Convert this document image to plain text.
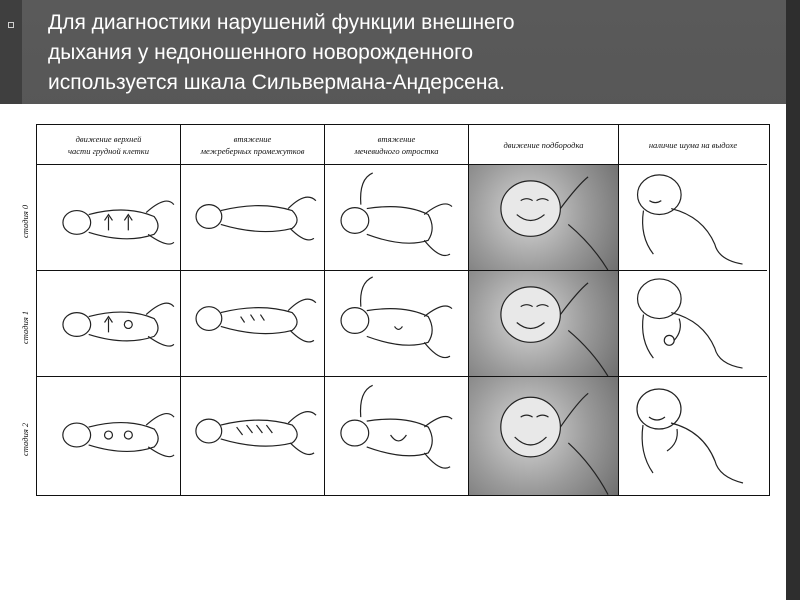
Для диагностики нарушений функции внешнего
дыхания у недоношенного новорожденного
используется шкала Сильвермана-Андерсена.
стадия 0
стадия 1
стадия 2
движение верхней
части грудной клетки
втяжение
межреберных промежутков
втяжение
мечевидного отростка
движение подбородка	наличие шума на выдохе
